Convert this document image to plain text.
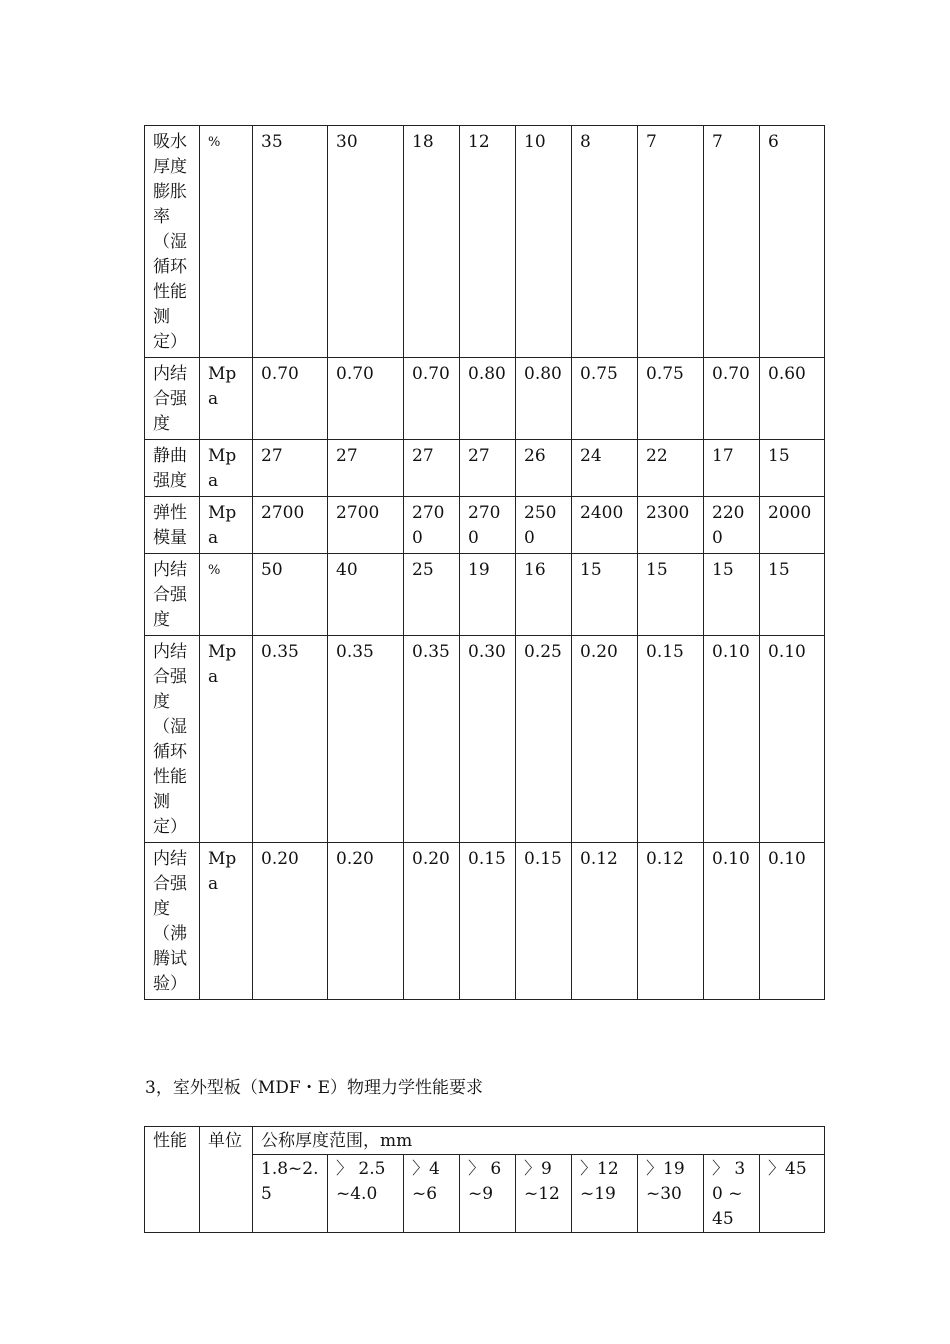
吸水厚度膨胀率（湿循环性能测定）	%	35	30	18	12	10	8	7	7	6
内结合强度	Mpa	0.70	0.70	0.70	0.80	0.80	0.75	0.75	0.70	0.60
静曲强度	Mpa	27	27	27	27	26	24	22	17	15
弹性模量	Mpa	2700	2700	2700	2700	2500	2400	2300	2200	2000
内结合强度	%	50	40	25	19	16	15	15	15	15
内结合强度（湿循环性能测定）	Mpa	0.35	0.35	0.35	0.30	0.25	0.20	0.15	0.10	0.10
内结合强度（沸腾试验）	Mpa	0.20	0.20	0.20	0.15	0.15	0.12	0.12	0.10	0.10
3，室外型板（MDF・E）物理力学性能要求
性能	单位	公称厚度范围，mm								
		1.8~2.5	〉 2.5~4.0	〉4 ~6	〉 6 ~9	〉9~12	〉12~19	〉19~30	〉 30 ~45	〉45
